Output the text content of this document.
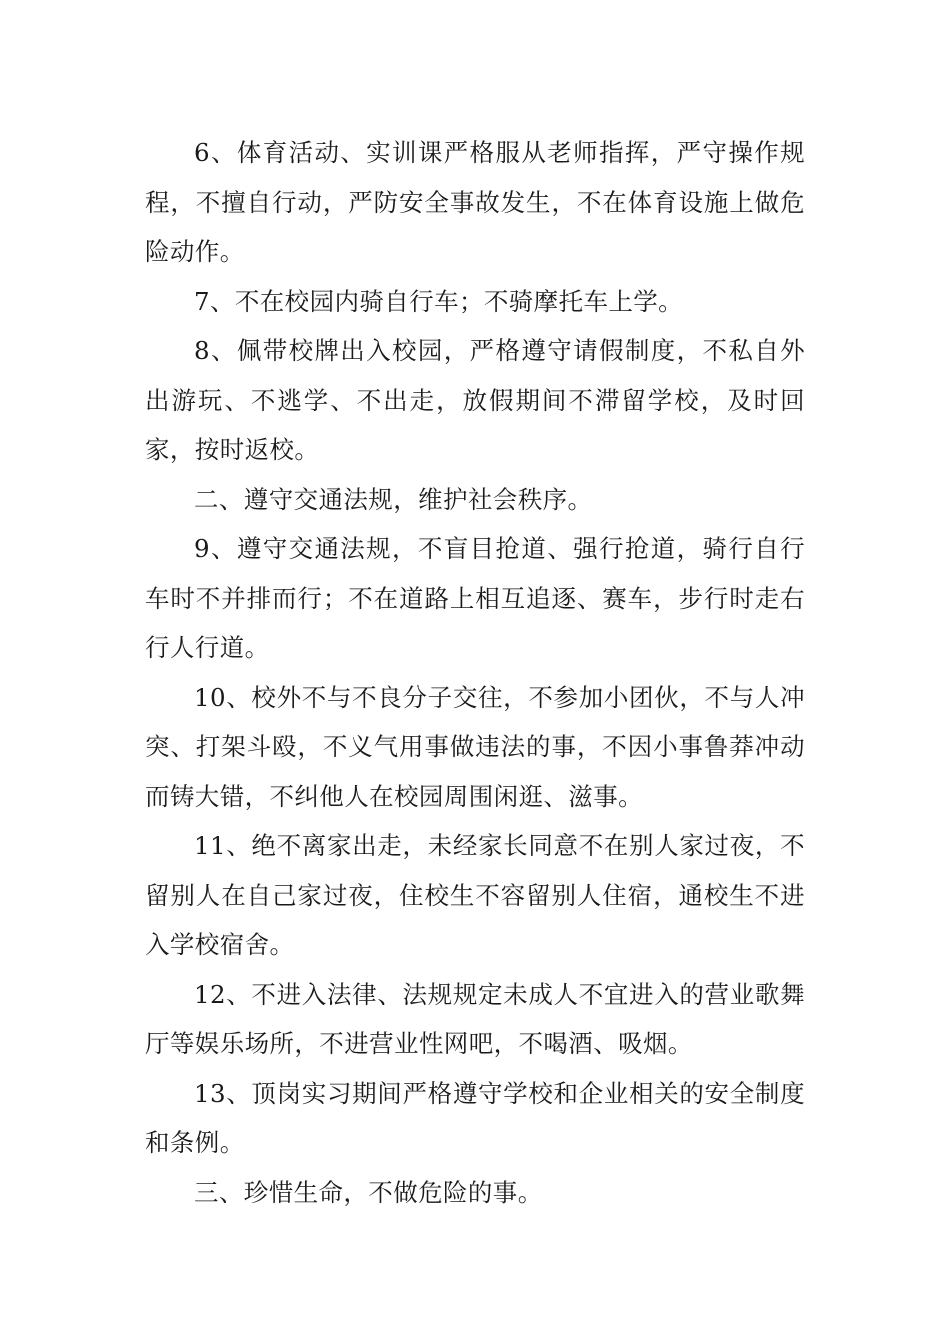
6、体育活动、实训课严格服从老师指挥，严守操作规程，不擅自行动，严防安全事故发生，不在体育设施上做危险动作。

7、不在校园内骑自行车；不骑摩托车上学。

8、佩带校牌出入校园，严格遵守请假制度，不私自外出游玩、不逃学、不出走，放假期间不滞留学校，及时回家，按时返校。

二、遵守交通法规，维护社会秩序。

9、遵守交通法规，不盲目抢道、强行抢道，骑行自行车时不并排而行；不在道路上相互追逐、赛车，步行时走右行人行道。

10、校外不与不良分子交往，不参加小团伙，不与人冲突、打架斗殴，不义气用事做违法的事，不因小事鲁莽冲动而铸大错，不纠他人在校园周围闲逛、滋事。

11、绝不离家出走，未经家长同意不在别人家过夜，不留别人在自己家过夜，住校生不容留别人住宿，通校生不进入学校宿舍。

12、不进入法律、法规规定未成人不宜进入的营业歌舞厅等娱乐场所，不进营业性网吧，不喝酒、吸烟。

13、顶岗实习期间严格遵守学校和企业相关的安全制度和条例。

三、珍惜生命，不做危险的事。
